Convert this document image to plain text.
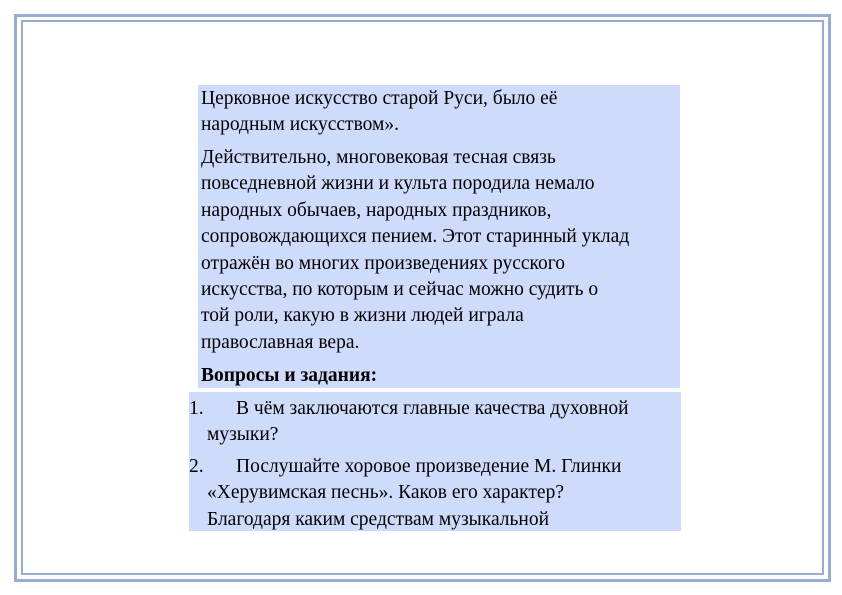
Церковное искусство старой Руси, было её
народным искусством».

Действительно, многовековая тесная связь
повседневной жизни и культа породила немало
народных обычаев, народных праздников,
сопровождающихся пением. Этот старинный уклад
отражён во многих произведениях русского
искусства, по которым и сейчас можно судить о
той роли, какую в жизни людей играла
православная вера.

Вопросы и задания:

1.	В чём заключаются главные качества духовной
музыки?

2.	Послушайте хоровое произведение М. Глинки
«Херувимская песнь». Каков его характер?
Благодаря каким средствам музыкальной
